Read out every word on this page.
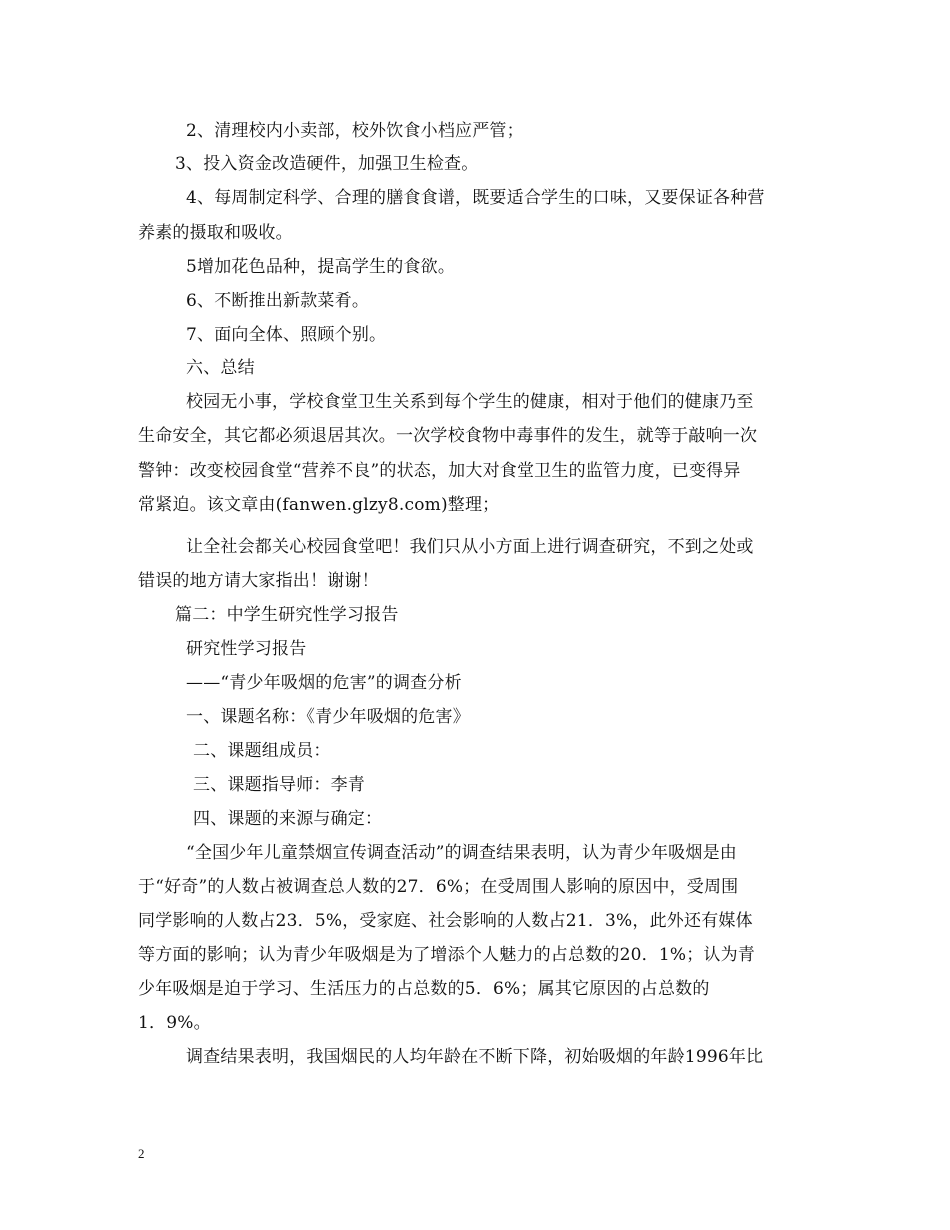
2、清理校内小卖部，校外饮食小档应严管；
3、投入资金改造硬件，加强卫生检查。
4、每周制定科学、合理的膳食食谱，既要适合学生的口味，又要保证各种营
养素的摄取和吸收。
5增加花色品种，提高学生的食欲。
6、不断推出新款菜肴。
7、面向全体、照顾个别。
六、总结
校园无小事，学校食堂卫生关系到每个学生的健康，相对于他们的健康乃至
生命安全，其它都必须退居其次。一次学校食物中毒事件的发生，就等于敲响一次
警钟：改变校园食堂“营养不良”的状态，加大对食堂卫生的监管力度，已变得异
常紧迫。该文章由(fanwen.glzy8.com)整理；
让全社会都关心校园食堂吧！我们只从小方面上进行调查研究，不到之处或
错误的地方请大家指出！谢谢！
篇二：中学生研究性学习报告
研究性学习报告
——“青少年吸烟的危害”的调查分析
一、课题名称：《青少年吸烟的危害》
二、课题组成员：
三、课题指导师：李青
四、课题的来源与确定：
“全国少年儿童禁烟宣传调查活动”的调查结果表明，认为青少年吸烟是由
于“好奇”的人数占被调查总人数的27．6%；在受周围人影响的原因中，受周围
同学影响的人数占23．5%，受家庭、社会影响的人数占21．3%，此外还有媒体
等方面的影响；认为青少年吸烟是为了增添个人魅力的占总数的20．1%；认为青
少年吸烟是迫于学习、生活压力的占总数的5．6%；属其它原因的占总数的
1．9%。
调查结果表明，我国烟民的人均年龄在不断下降，初始吸烟的年龄1996年比
2
